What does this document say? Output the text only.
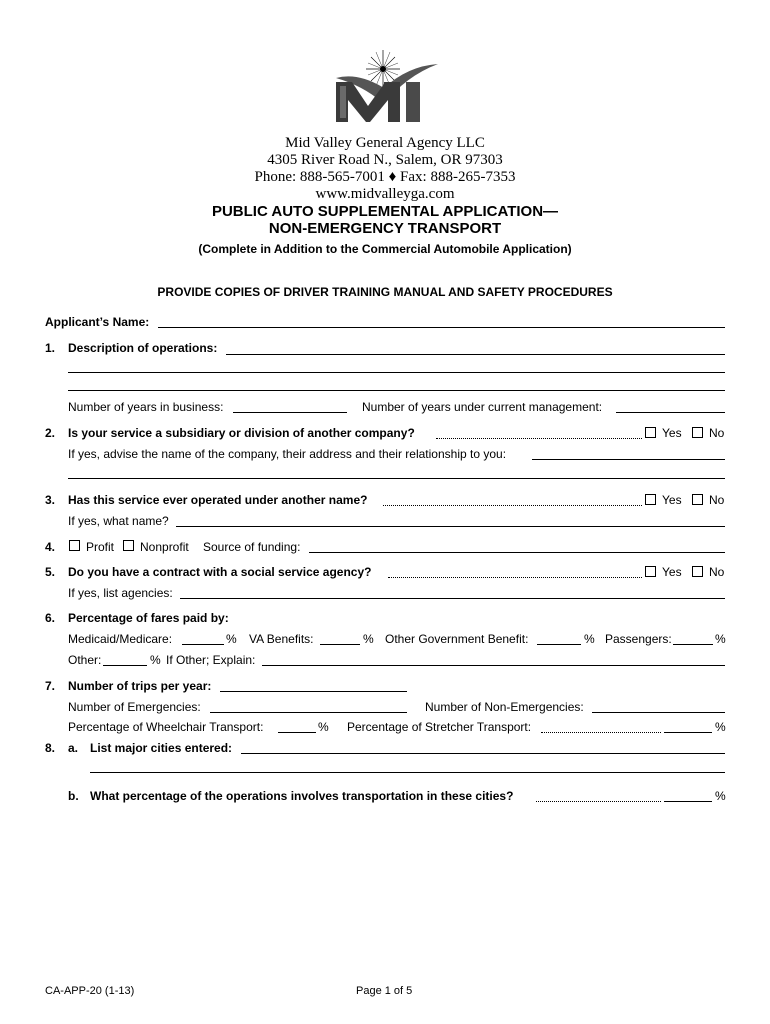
Mid Valley General Agency LLC
4305 River Road N., Salem, OR 97303
Phone: 888-565-7001 ♦ Fax: 888-265-7353
www.midvalleyga.com
PUBLIC AUTO SUPPLEMENTAL APPLICATION—
NON-EMERGENCY TRANSPORT
(Complete in Addition to the Commercial Automobile Application)
PROVIDE COPIES OF DRIVER TRAINING MANUAL AND SAFETY PROCEDURES
Applicant’s Name:
1. Description of operations:
Number of years in business:	Number of years under current management:
2. Is your service a subsidiary or division of another company?	Yes No
If yes, advise the name of the company, their address and their relationship to you:
3. Has this service ever operated under another name?	Yes No
If yes, what name?
4.	Profit Nonprofit Source of funding:
5. Do you have a contract with a social service agency?	Yes No
If yes, list agencies:
6. Percentage of fares paid by:
Medicaid/Medicare:	% VA Benefits:	% Other Government Benefit:	% Passengers:	%
Other:	% If Other; Explain:
7. Number of trips per year:
Number of Emergencies:	Number of Non-Emergencies:
Percentage of Wheelchair Transport:	% Percentage of Stretcher Transport:	%
8. a. List major cities entered:
b. What percentage of the operations involves transportation in these cities?	%
CA-APP-20 (1-13)	Page 1 of 5
